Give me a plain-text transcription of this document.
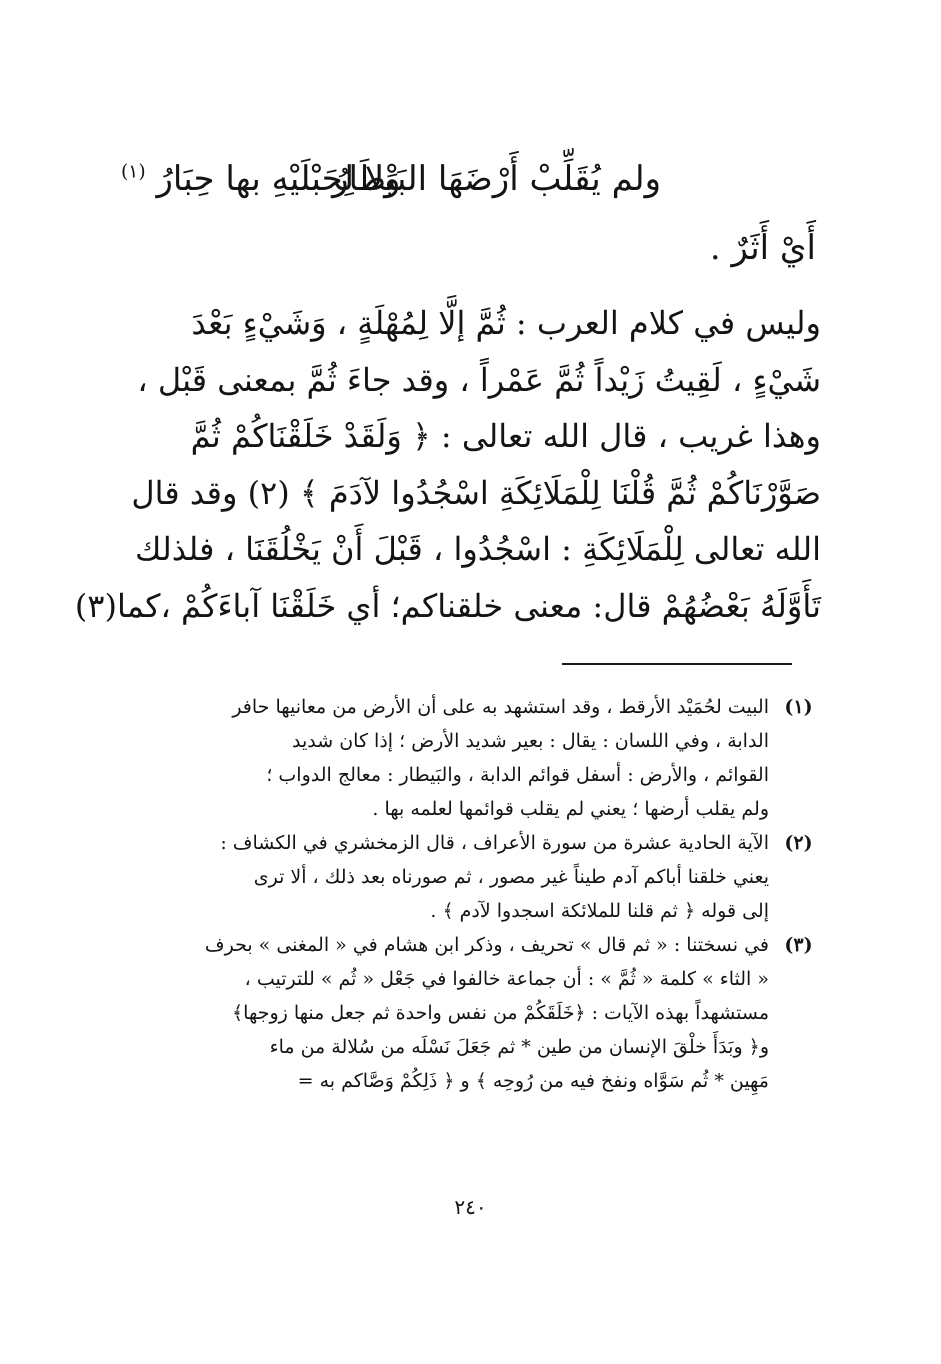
ولم يُقَلِّبْ أَرْضَهَا البَيْطَارُ
وَلا لِحَبْلَيْهِ بها حِبَارُ $^{(١)}$
أَيْ أَثَرٌ .
وليس في كلام العرب : ثُمَّ إلَّا لِمُهْلَةٍ ، وَشَيْءٍ بَعْدَ
شَيْءٍ ، لَقِيتُ زَيْداً ثُمَّ عَمْراً ، وقد جاءَ ثُمَّ بمعنى قَبْل ،
وهذا غريب ، قال الله تعالى : ﴿ وَلَقَدْ خَلَقْنَاكُمْ ثُمَّ
صَوَّرْنَاكُمْ ثُمَّ قُلْنَا لِلْمَلَائِكَةِ اسْجُدُوا لآدَمَ ﴾ (٢) وقد قال
الله تعالى لِلْمَلَائِكَةِ : اسْجُدُوا ، قَبْلَ أَنْ يَخْلُقَنَا ، فلذلك
تَأَوَّلَهُ بَعْضُهُمْ قال: معنى خلقناكم؛ أي خَلَقْنَا آباءَكُمْ ،كما(٣)
(١)
البيت لحُمَيْد الأرقط ، وقد استشهد به على أن الأرض من معانيها حافر
الدابة ، وفي اللسان : يقال : بعير شديد الأرض ؛ إذا كان شديد
القوائم ، والأرض : أسفل قوائم الدابة ، والبَيطار : معالج الدواب ؛
ولم يقلب أرضها ؛ يعني لم يقلب قوائمها لعلمه بها .
(٢)
الآية الحادية عشرة من سورة الأعراف ، قال الزمخشري في الكشاف :
يعني خلقنا أباكم آدم طيناً غير مصور ، ثم صورناه بعد ذلك ، ألا ترى
إلى قوله ﴿ ثم قلنا للملائكة اسجدوا لآدم ﴾ .
(٣)
في نسختنا : « ثم قال » تحريف ، وذكر ابن هشام في « المغنى » بحرف
« الثاء » كلمة « ثُمَّ » : أن جماعة خالفوا في جَعْل « ثُم » للترتيب ،
مستشهداً بهذه الآيات : ﴿خَلَقَكُمْ من نفس واحدة ثم جعل منها زوجها﴾
و﴿ وبَدَأَ خلْقَ الإنسان من طين * ثم جَعَلَ نَسْلَه من سُلالة من ماء
مَهِين * ثُم سَوَّاه ونفخ فيه من رُوحِه ﴾ و ﴿ ذَلِكُمْ وَصَّاكم به =
٢٤٠
